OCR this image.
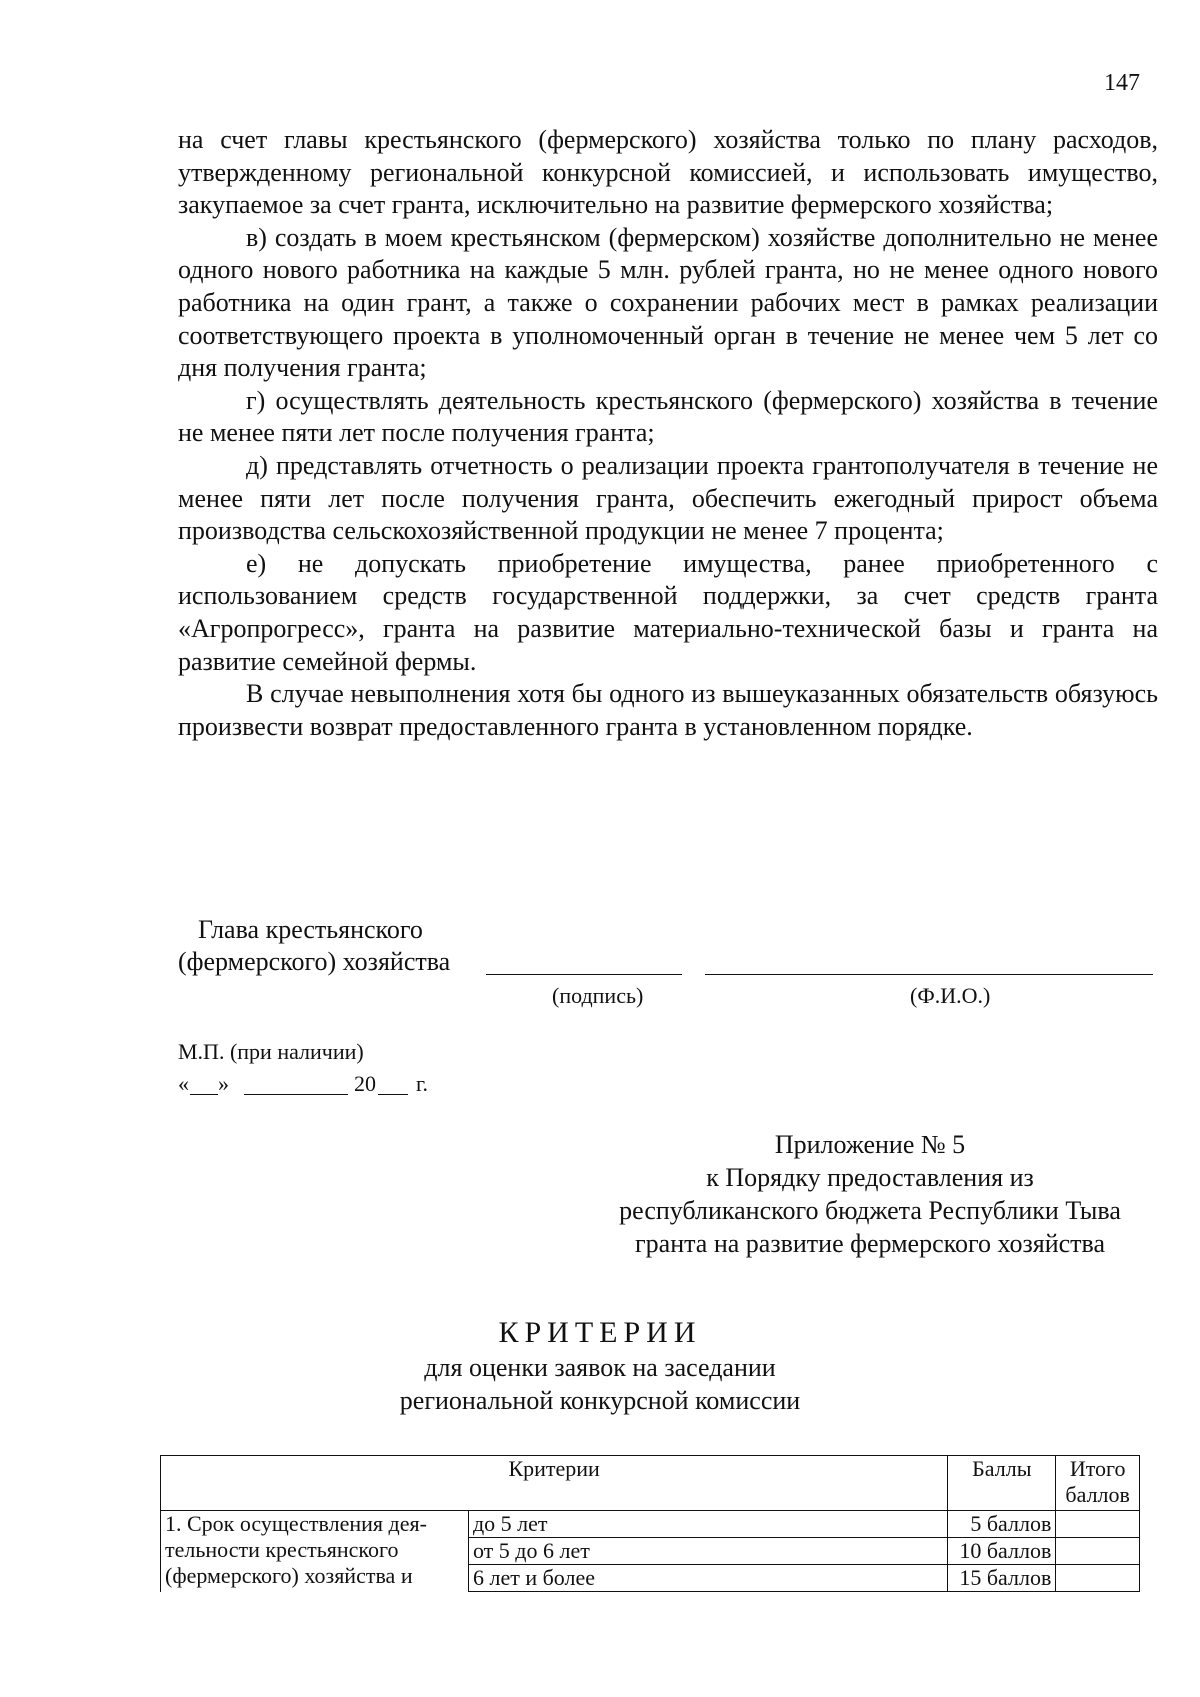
147

на счет главы крестьянского (фермерского) хозяйства только по плану расходов, утвержденному региональной конкурсной комиссией, и использовать имущество, закупаемое за счет гранта, исключительно на развитие фермерского хозяйства;

в) создать в моем крестьянском (фермерском) хозяйстве дополнительно не менее одного нового работника на каждые 5 млн. рублей гранта, но не менее одного нового работника на один грант, а также о сохранении рабочих мест в рамках реализации соответствующего проекта в уполномоченный орган в течение не менее чем 5 лет со дня получения гранта;

г) осуществлять деятельность крестьянского (фермерского) хозяйства в течение не менее пяти лет после получения гранта;

д) представлять отчетность о реализации проекта грантополучателя в течение не менее пяти лет после получения гранта, обеспечить ежегодный прирост объема производства сельскохозяйственной продукции не менее 7 процента;

е) не допускать приобретение имущества, ранее приобретенного с использованием средств государственной поддержки, за счет средств гранта «Агропрогресс», гранта на развитие материально-технической базы и гранта на развитие семейной фермы.

В случае невыполнения хотя бы одного из вышеуказанных обязательств обязуюсь произвести возврат предоставленного гранта в установленном порядке.

Глава крестьянского
(фермерского) хозяйства
(подпись)	(Ф.И.О.)
М.П. (при наличии)
« »	20 г.
Приложение № 5
к Порядку предоставления из
республиканского бюджета Республики Тыва
гранта на развитие фермерского хозяйства
КРИТЕРИИ
для оценки заявок на заседании
региональной конкурсной комиссии
Критерии		Баллы	Итого
баллов

1. Срок осуществления дея-
тельности крестьянского
(фермерского) хозяйства и	до 5 лет	5 баллов	
	от 5 до 6 лет	10 баллов	
	6 лет и более	15 баллов	
